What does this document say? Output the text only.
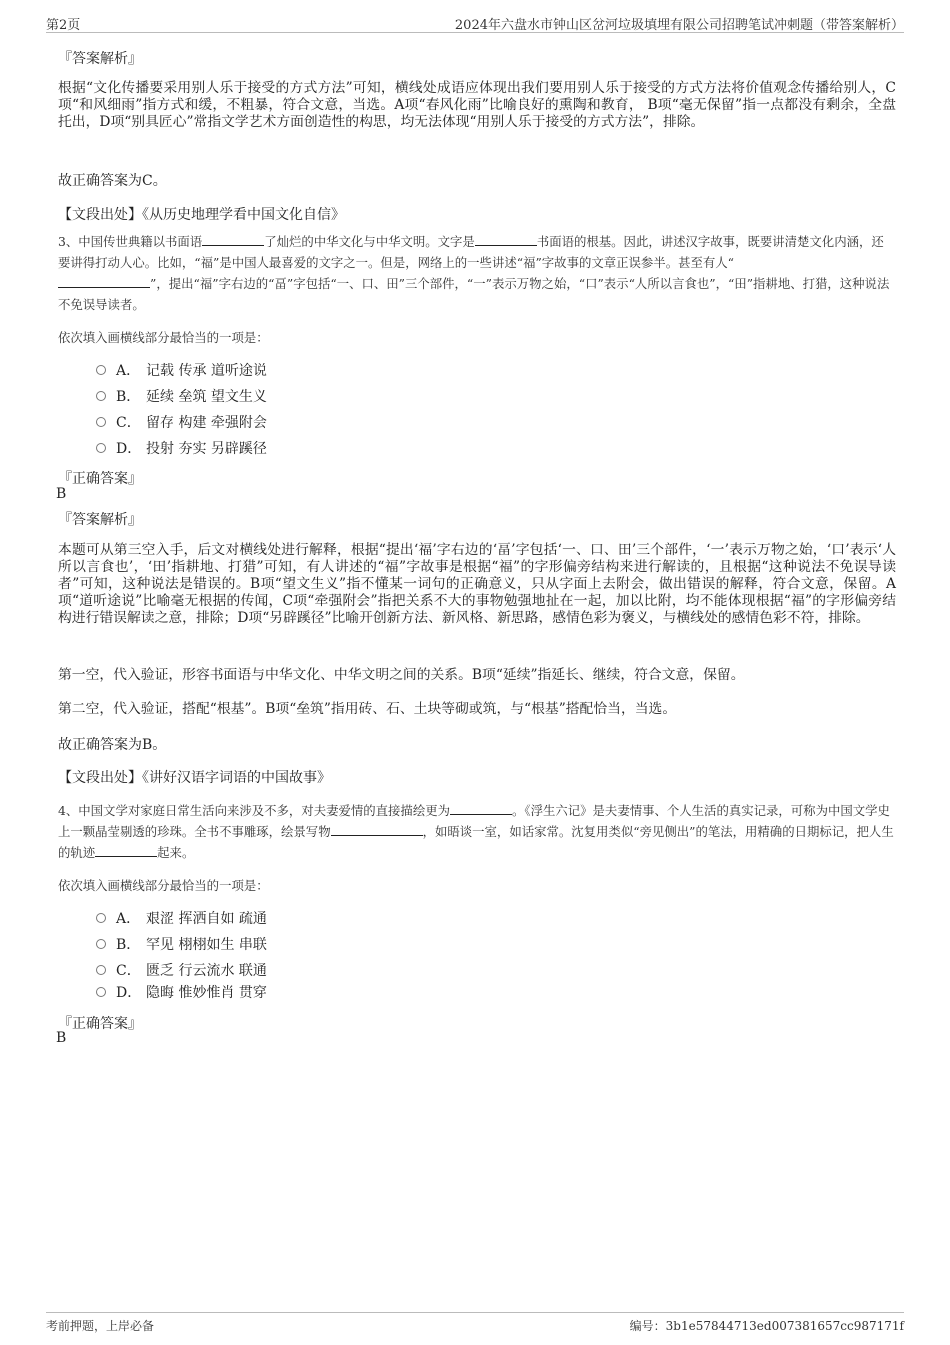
第2页	2024年六盘水市钟山区岔河垃圾填埋有限公司招聘笔试冲刺题（带答案解析）
『答案解析』
根据“文化传播要采用别人乐于接受的方式方法”可知，横线处成语应体现出我们要用别人乐于接受的方式方法将价值观念传播给别人，C项“和风细雨”指方式和缓，不粗暴，符合文意，当选。A项“春风化雨”比喻良好的熏陶和教育， B项“毫无保留”指一点都没有剩余，全盘托出，D项“别具匠心”常指文学艺术方面创造性的构思，均无法体现“用别人乐于接受的方式方法”，排除。
故正确答案为C。
【文段出处】《从历史地理学看中国文化自信》
3、中国传世典籍以书面语	了灿烂的中华文化与中华文明。文字是	书面语的根基。因此，讲述汉字故事，既要讲清楚文化内涵，还要讲得打动人心。比如，“福”是中国人最喜爱的文字之一。但是，网络上的一些讲述“福”字故事的文章正误参半。甚至有人“
”，提出“福”字右边的“畐”字包括“一、口、田”三个部件，“一”表示万物之始，“口”表示“人所以言食也”，“田”指耕地、打猎，这种说法不免误导读者。
依次填入画横线部分最恰当的一项是：
A． 记载 传承 道听途说
B． 延续 垒筑 望文生义
C． 留存 构建 牵强附会
D． 投射 夯实 另辟蹊径
『正确答案』
B
『答案解析』
本题可从第三空入手，后文对横线处进行解释，根据“提出‘福’字右边的‘畐’字包括‘一、口、田’三个部件，‘一’表示万物之始，‘口’表示‘人所以言食也’，‘田’指耕地、打猎”可知，有人讲述的“福”字故事是根据“福”的字形偏旁结构来进行解读的，且根据“这种说法不免误导读者”可知，这种说法是错误的。B项“望文生义”指不懂某一词句的正确意义，只从字面上去附会，做出错误的解释，符合文意，保留。A项“道听途说”比喻毫无根据的传闻，C项“牵强附会”指把关系不大的事物勉强地扯在一起，加以比附，均不能体现根据“福”的字形偏旁结构进行错误解读之意，排除；D项“另辟蹊径”比喻开创新方法、新风格、新思路，感情色彩为褒义，与横线处的感情色彩不符，排除。
第一空，代入验证，形容书面语与中华文化、中华文明之间的关系。B项“延续”指延长、继续，符合文意，保留。
第二空，代入验证，搭配“根基”。B项“垒筑”指用砖、石、土块等砌或筑，与“根基”搭配恰当，当选。
故正确答案为B。
【文段出处】《讲好汉语字词语的中国故事》
4、中国文学对家庭日常生活向来涉及不多，对夫妻爱情的直接描绘更为	。《浮生六记》是夫妻情事、个人生活的真实记录，可称为中国文学史上一颗晶莹剔透的珍珠。全书不事雕琢，绘景写物	，如晤谈一室，如话家常。沈复用类似“旁见侧出”的笔法，用精确的日期标记，把人生的轨迹	起来。
依次填入画横线部分最恰当的一项是：
A． 艰涩 挥洒自如 疏通
B． 罕见 栩栩如生 串联
C． 匮乏 行云流水 联通
D． 隐晦 惟妙惟肖 贯穿
『正确答案』
B
考前押题，上岸必备	编号：3b1e57844713ed007381657cc987171f
